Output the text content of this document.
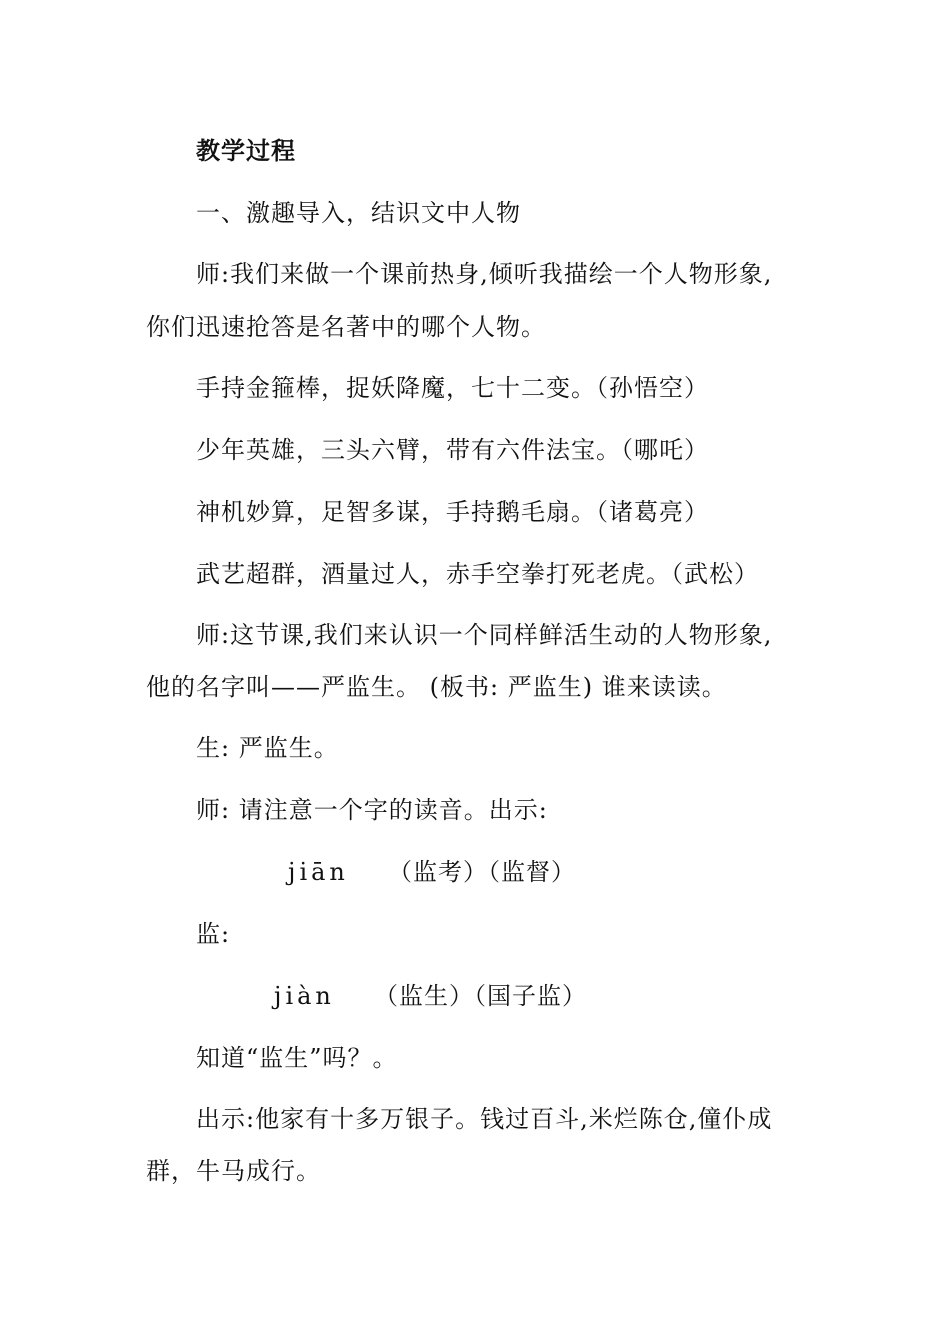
教学过程
一、激趣导入，结识文中人物
师:我们来做一个课前热身,倾听我描绘一个人物形象,
你们迅速抢答是名著中的哪个人物。
手持金箍棒，捉妖降魔，七十二变。（孙悟空）
少年英雄，三头六臂，带有六件法宝。（哪吒）
神机妙算，足智多谋，手持鹅毛扇。（诸葛亮）
武艺超群，酒量过人，赤手空拳打死老虎。（武松）
师:这节课,我们来认识一个同样鲜活生动的人物形象,
他的名字叫——严监生。 (板书: 严监生) 谁来读读。
生: 严监生。
师: 请注意一个字的读音。出示:
jiān （监考）（监督）
监:
jiàn （监生）（国子监）
知道“监生”吗？。
出示:他家有十多万银子。钱过百斗,米烂陈仓,僮仆成
群，牛马成行。
